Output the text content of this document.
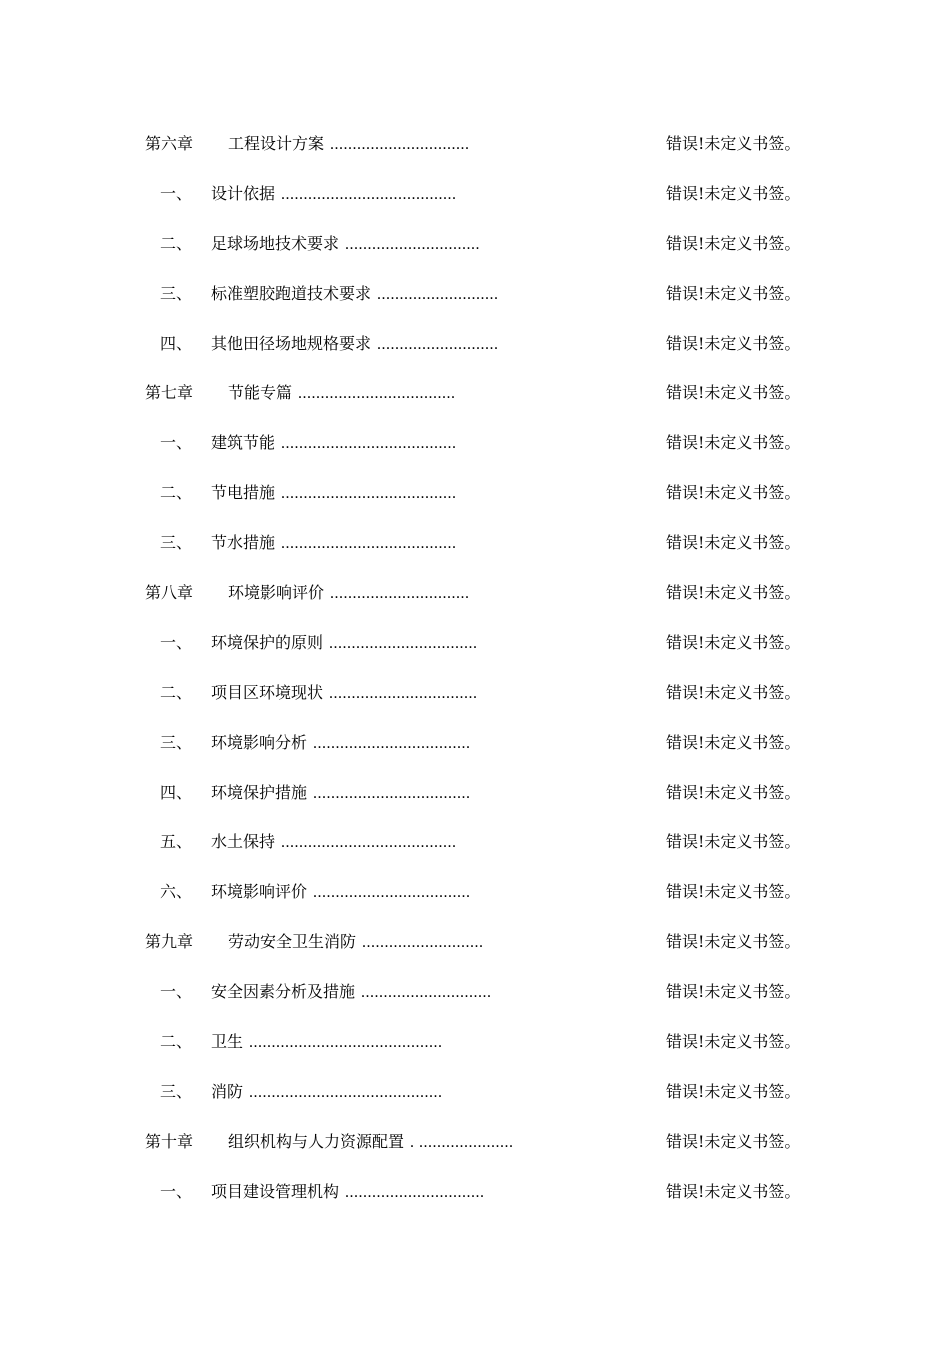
第六章 工程设计方案 ...............................	错误!未定义书签。
一、 设计依据 .......................................	错误!未定义书签。
二、 足球场地技术要求 ..............................	错误!未定义书签。
三、 标准塑胶跑道技术要求 ...........................	错误!未定义书签。
四、 其他田径场地规格要求 ...........................	错误!未定义书签。
第七章 节能专篇 ...................................	错误!未定义书签。
一、 建筑节能 .......................................	错误!未定义书签。
二、 节电措施 .......................................	错误!未定义书签。
三、 节水措施 .......................................	错误!未定义书签。
第八章 环境影响评价 ...............................	错误!未定义书签。
一、 环境保护的原则 .................................	错误!未定义书签。
二、 项目区环境现状 .................................	错误!未定义书签。
三、 环境影响分析 ...................................	错误!未定义书签。
四、 环境保护措施 ...................................	错误!未定义书签。
五、 水土保持 .......................................	错误!未定义书签。
六、 环境影响评价 ...................................	错误!未定义书签。
第九章 劳动安全卫生消防 ...........................	错误!未定义书签。
一、 安全因素分析及措施 .............................	错误!未定义书签。
二、 卫生 ...........................................	错误!未定义书签。
三、 消防 ...........................................	错误!未定义书签。
第十章 组织机构与人力资源配置 . .....................	错误!未定义书签。
一、 项目建设管理机构 ...............................	错误!未定义书签。
